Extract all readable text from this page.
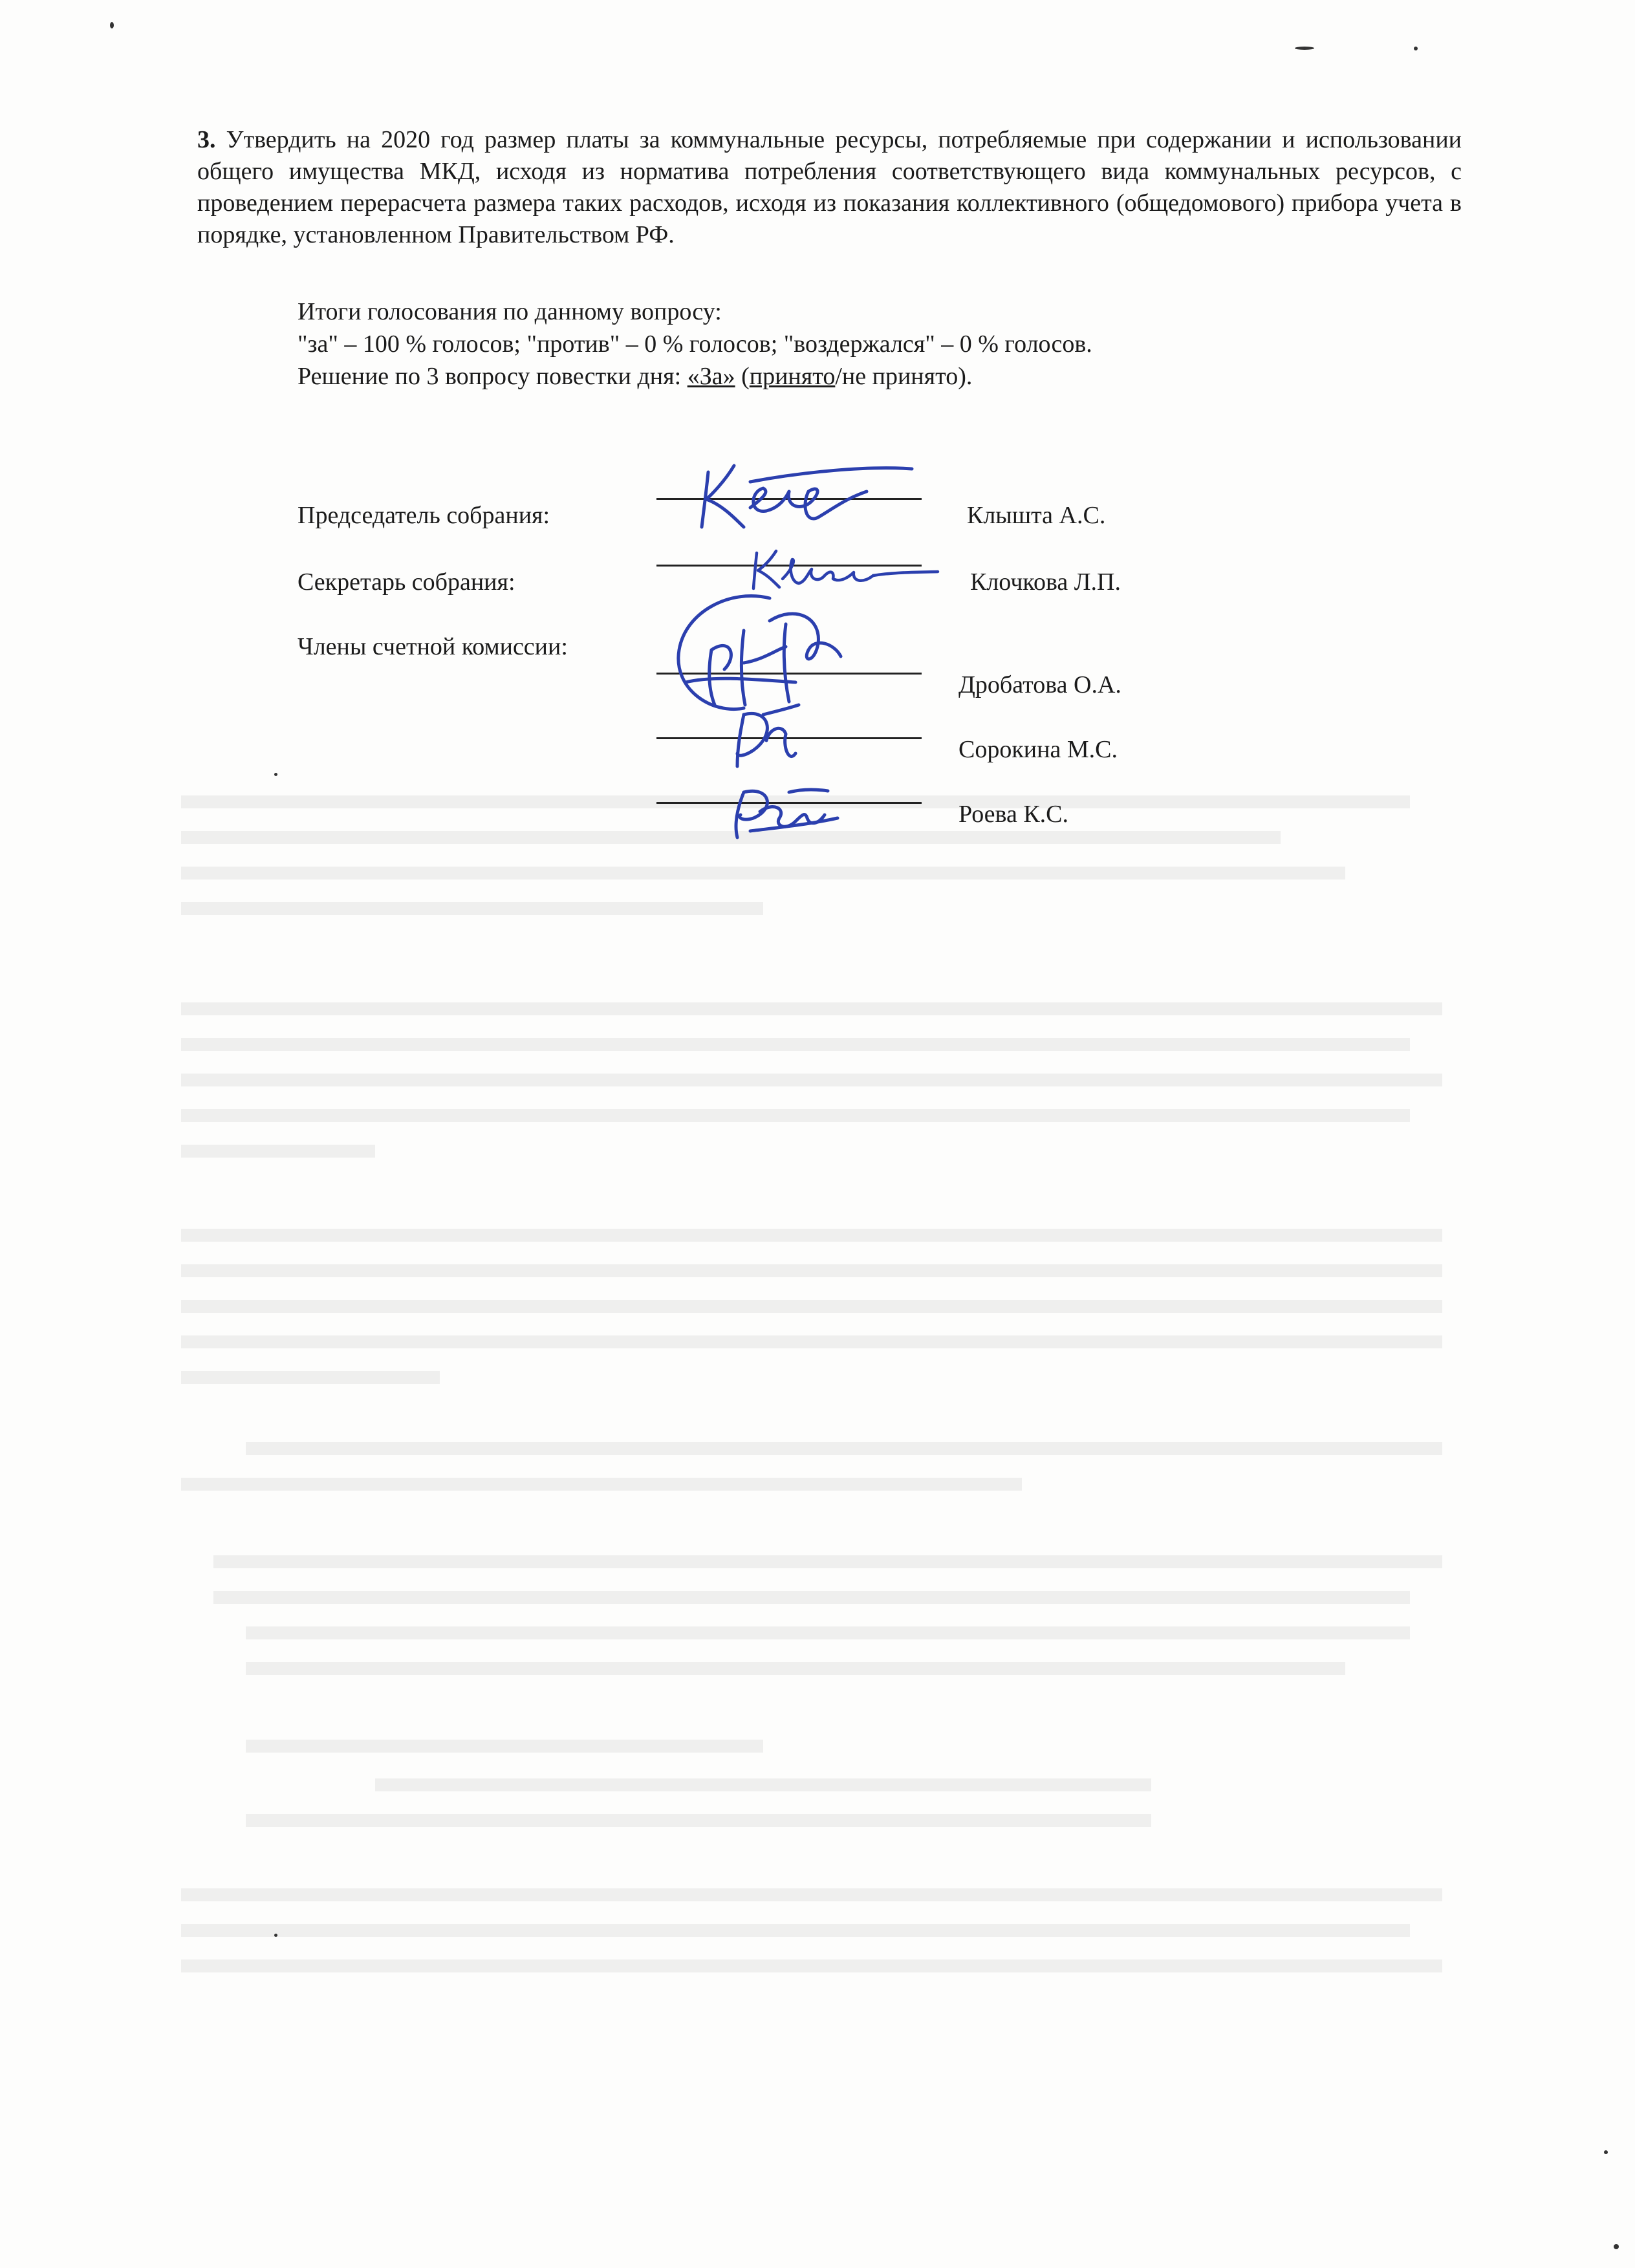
3. Утвердить на 2020 год размер платы за коммунальные ресурсы, потребляемые при содержании и использовании общего имущества МКД, исходя из норматива потребления соответствующего вида коммунальных ресурсов, с проведением перерасчета размера таких расходов, исходя из показания коллективного (общедомового) прибора учета в порядке, установленном Правительством РФ.
Итоги голосования по данному вопросу:
"за" – 100 % голосов; "против" – 0 % голосов; "воздержался" – 0 % голосов.
Решение по 3 вопросу повестки дня: «За» (принято/не принято).
Председатель собрания:	Клышта А.С.
Секретарь собрания:	Клочкова Л.П.
Члены счетной комиссии:
Дробатова О.А.
Сорокина М.С.
Роева К.С.
